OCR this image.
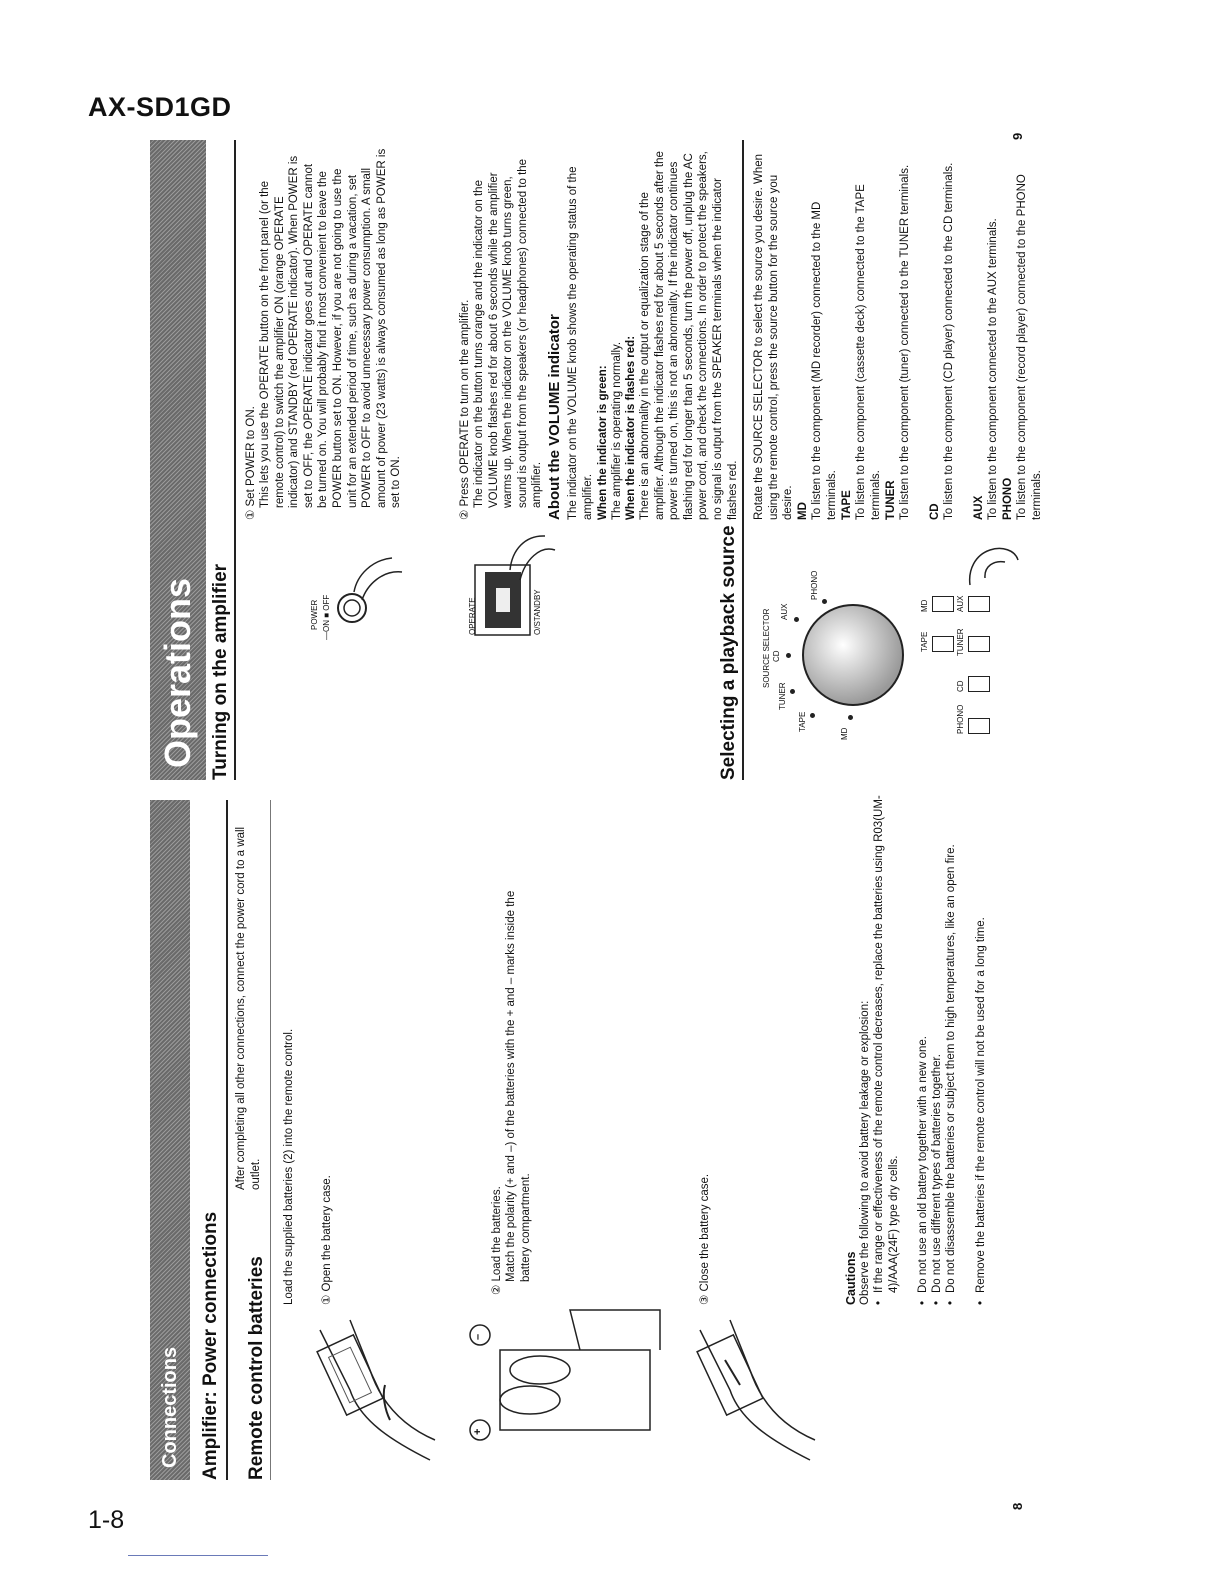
AX-SD1GD
1-8
Connections	Amplifier: Power connections
After completing all other connections, connect the power cord to a wall outlet.
Remote control batteries
Load the supplied batteries (2) into the remote control. ① Open the battery case.
+
–
② Load the batteries. Match the polarity (+ and –) of the batteries with the + and – marks inside the battery compartment.	③ Close the battery case.	Cautions Observe the following to avoid battery leakage or explosion: • If the range or effectiveness of the remote control decreases, replace the batteries using R03(UM-4)/AAA(24F) type dry cells. • Do not use an old battery together with a new one. • Do not use different types of batteries together. • Do not disassemble the batteries or subject them to high temperatures, like an open fire. • Remove the batteries if the remote control will not be used for a long time.
8
Operations Turning on the amplifier	POWER —ON ■ OFF
① Set POWER to ON. This lets you use the OPERATE button on the front panel (or the remote control) to switch the amplifier ON (orange OPERATE indicator) and STANDBY (red OPERATE indicator). When POWER is set to OFF, the OPERATE indicator goes out and OPERATE cannot be turned on. You will probably find it most convenient to leave the POWER button set to ON. However, if you are not going to use the unit for an extended period of time, such as during a vacation, set POWER to OFF to avoid unnecessary power consumption. A small amount of power (23 watts) is always consumed as long as POWER is set to ON.
OPERATE	O/STANDBY
② Press OPERATE to turn on the amplifier. The indicator on the button turns orange and the indicator on the VOLUME knob flashes red for about 6 seconds while the amplifier warms up. When the indicator on the VOLUME knob turns green, sound is output from the speakers (or headphones) connected to the amplifier. About the VOLUME indicator The indicator on the VOLUME knob shows the operating status of the amplifier. When the indicator is green: The amplifier is operating normally. When the indicator is flashes red: There is an abnormality in the output or equalization stage of the amplifier. Although the indicator flashes red for about 5 seconds after the power is turned on, this is not an abnormality. If the indicator continues flashing red for longer than 5 seconds, turn the power off, unplug the AC power cord, and check the connections. In order to protect the speakers, no signal is output from the SPEAKER terminals when the indicator flashes red.
Selecting a playback source	SOURCE SELECTOR
MD
TAPE
TUNER
CD
AUX
PHONO
TAPE
MD
PHONO
CD
TUNER
AUX
Rotate the SOURCE SELECTOR to select the source you desire. When using the remote control, press the source button for the source you desire. MD To listen to the component (MD recorder) connected to the MD terminals. TAPE To listen to the component (cassette deck) connected to the TAPE terminals. TUNER To listen to the component (tuner) connected to the TUNER terminals. CD To listen to the component (CD player) connected to the CD terminals. AUX To listen to the component connected to the AUX terminals. PHONO To listen to the component (record player) connected to the PHONO terminals.
9
